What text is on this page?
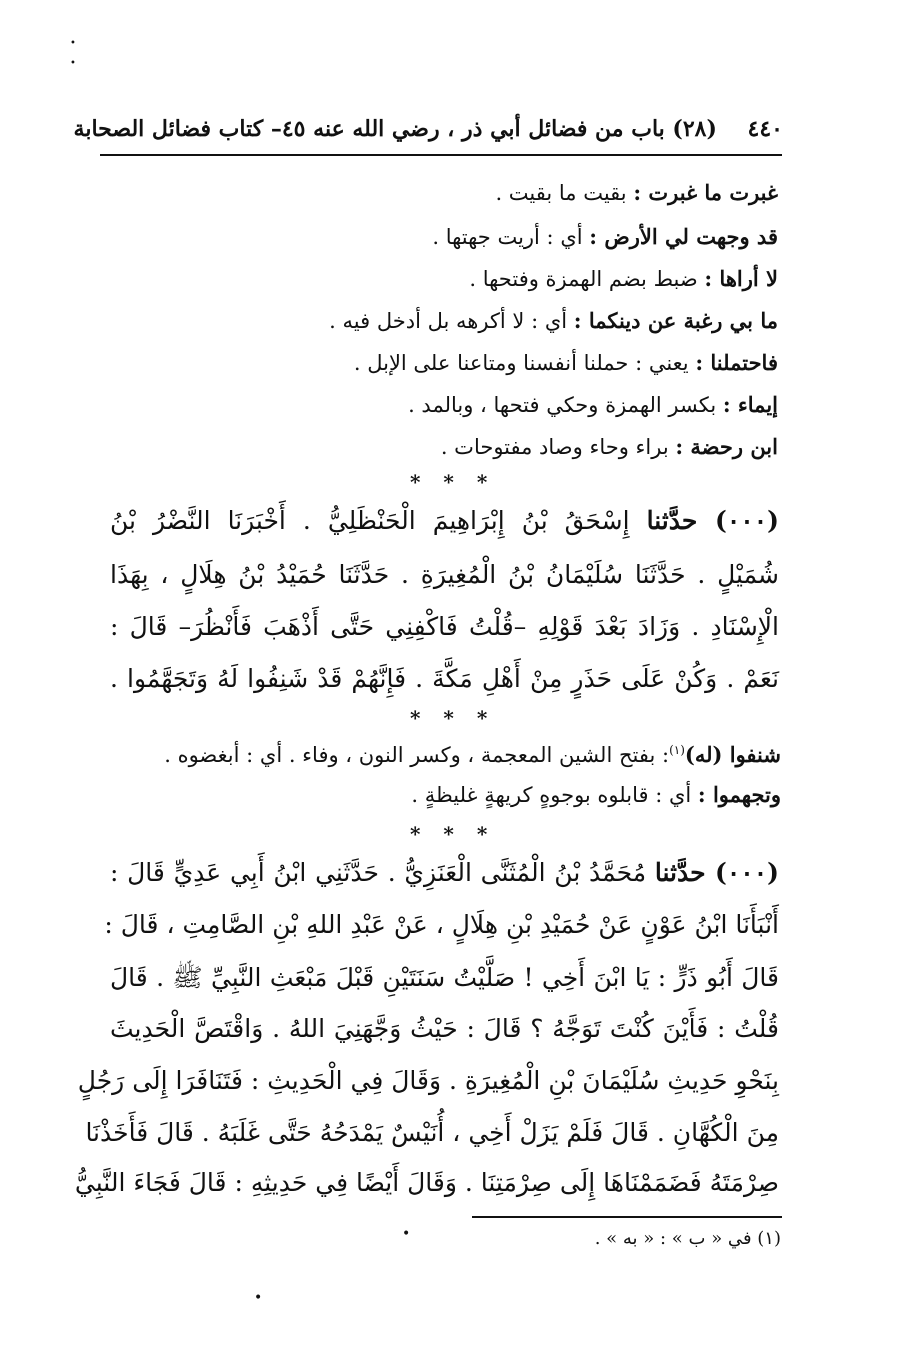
٤٤٠    (٢٨) باب من فضائل أبي ذر ، رضي الله عنه ٤٥– كتاب فضائل الصحابة
غبرت ما غبرت : بقيت ما بقيت .
قد وجهت لي الأرض : أي : أريت جهتها .
لا أراها : ضبط بضم الهمزة وفتحها .
ما بي رغبة عن دينكما : أي : لا أكرهه بل أدخل فيه .
فاحتملنا : يعني : حملنا أنفسنا ومتاعنا على الإبل .
إيماء : بكسر الهمزة وحكي فتحها ، وبالمد .
ابن رحضة : براء وحاء وصاد مفتوحات .
* * *
(٠٠٠) حدَّثنا إِسْحَقُ بْنُ إِبْرَاهِيمَ الْحَنْظَلِيُّ . أَخْبَرَنَا النَّضْرُ بْنُ
شُمَيْلٍ . حَدَّثَنَا سُلَيْمَانُ بْنُ الْمُغِيرَةِ . حَدَّثَنَا حُمَيْدُ بْنُ هِلَالٍ ، بِهَذَا
الْإِسْنَادِ . وَزَادَ بَعْدَ قَوْلِهِ –قُلْتُ فَاكْفِنِي حَتَّى أَذْهَبَ فَأَنْظُرَ– قَالَ :
نَعَمْ . وَكُنْ عَلَى حَذَرٍ مِنْ أَهْلِ مَكَّةَ . فَإِنَّهُمْ قَدْ شَنِفُوا لَهُ وَتَجَهَّمُوا .
* * *
شنفوا (له)$^{(١)}$: بفتح الشين المعجمة ، وكسر النون ، وفاء . أي : أبغضوه .
وتجهموا : أي : قابلوه بوجوهٍ كريهةٍ غليظةٍ .
* * *
(٠٠٠) حدَّثنا مُحَمَّدُ بْنُ الْمُثَنَّى الْعَنَزِيُّ . حَدَّثَنِي ابْنُ أَبِي عَدِيٍّ قَالَ :
أَنْبَأَنَا ابْنُ عَوْنٍ عَنْ حُمَيْدِ بْنِ هِلَالٍ ، عَنْ عَبْدِ اللهِ بْنِ الصَّامِتِ ، قَالَ :
قَالَ أَبُو ذَرٍّ : يَا ابْنَ أَخِي ! صَلَّيْتُ سَنَتَيْنِ قَبْلَ مَبْعَثِ النَّبِيِّ ﷺ . قَالَ
قُلْتُ : فَأَيْنَ كُنْتَ تَوَجَّهُ ؟ قَالَ : حَيْثُ وَجَّهَنِيَ اللهُ . وَاقْتَصَّ الْحَدِيثَ
بِنَحْوِ حَدِيثِ سُلَيْمَانَ بْنِ الْمُغِيرَةِ . وَقَالَ فِي الْحَدِيثِ : فَتَنَافَرَا إِلَى رَجُلٍ
مِنَ الْكُهَّانِ . قَالَ فَلَمْ يَزَلْ أَخِي ، أُنَيْسٌ يَمْدَحُهُ حَتَّى غَلَبَهُ . قَالَ فَأَخَذْنَا
صِرْمَتَهُ فَضَمَمْنَاهَا إِلَى صِرْمَتِنَا . وَقَالَ أَيْضًا فِي حَدِيثِهِ : قَالَ فَجَاءَ النَّبِيُّ
(١) في « ب » : « به » .
•
•
•
•
